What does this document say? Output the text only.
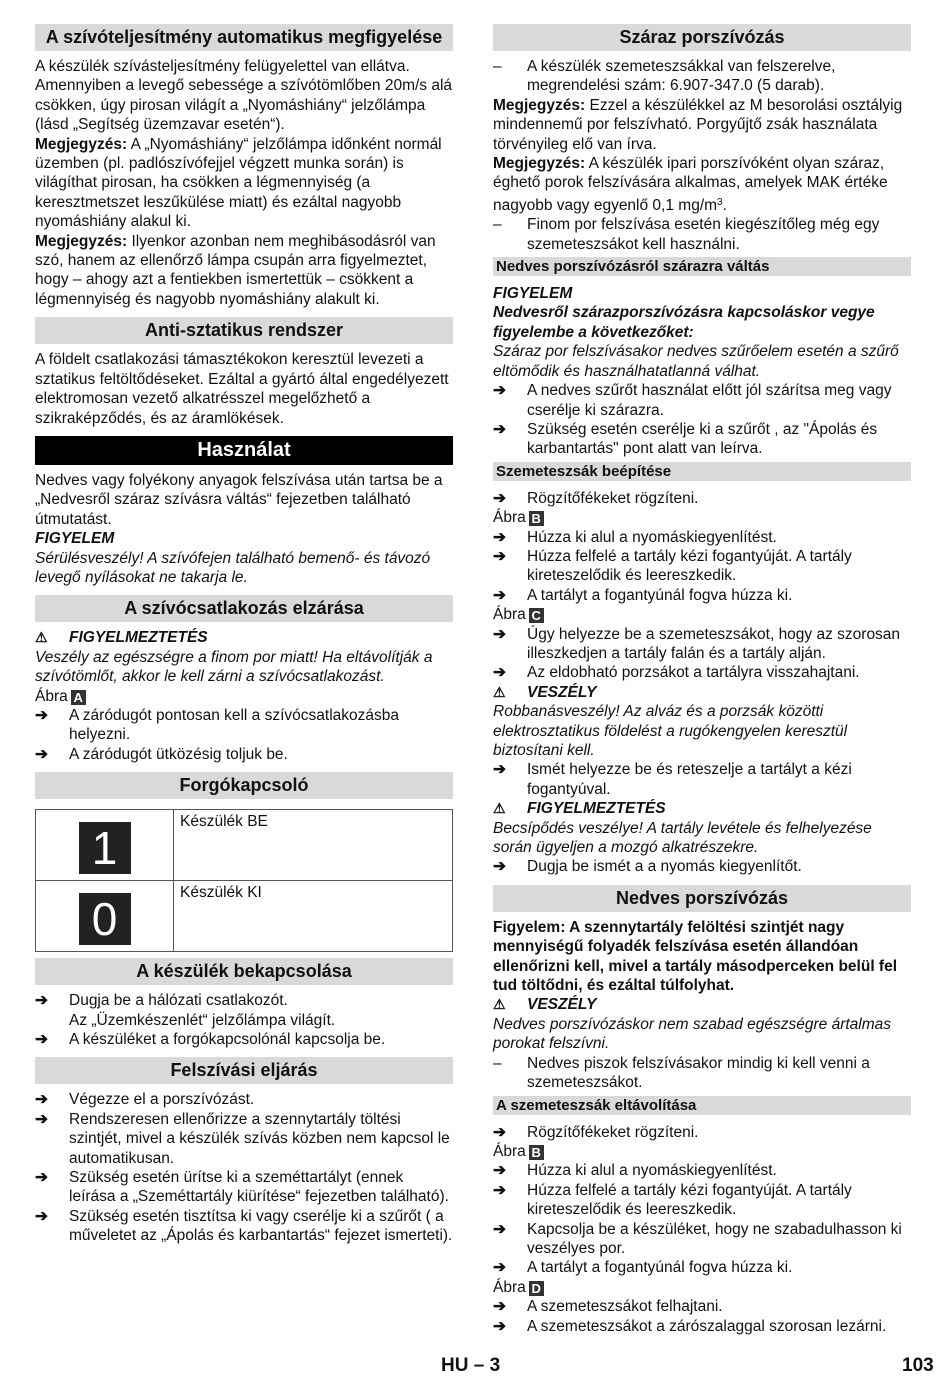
A szívóteljesítmény automatikus megfigyelése

A készülék szívásteljesítmény felügyelettel van ellátva. Amennyiben a levegő sebessége a szívótömlőben 20m/s alá csökken, úgy pirosan világít a „Nyomáshiány“ jelzőlámpa (lásd „Segítség üzemzavar esetén“).

Megjegyzés: A „Nyomáshiány“ jelzőlámpa időnként normál üzemben (pl. padlószívófejjel végzett munka során) is világíthat pirosan, ha csökken a légmennyiség (a keresztmetszet leszűkülése miatt) és ezáltal nagyobb nyomáshiány alakul ki.

Megjegyzés: Ilyenkor azonban nem meghibásodásról van szó, hanem az ellenőrző lámpa csupán arra figyelmeztet, hogy – ahogy azt a fentiekben ismertettük – csökkent a légmennyiség és nagyobb nyomáshiány alakult ki.

Anti-sztatikus rendszer

A földelt csatlakozási támasztékokon keresztül levezeti a sztatikus feltöltődéseket. Ezáltal a gyártó által engedélyezett elektromosan vezető alkatrésszel megelőzhető a szikraképződés, és az áramlökések.

Használat

Nedves vagy folyékony anyagok felszívása után tartsa be a „Nedvesről száraz szívásra váltás“ fejezetben található útmutatást.

FIGYELEM

Sérülésveszély! A szívófejen található bemenő- és távozó levegő nyílásokat ne takarja le.

A szívócsatlakozás elzárása

⚠ FIGYELMEZTETÉS

Veszély az egészségre a finom por miatt! Ha eltávolítják a szívótömlőt, akkor le kell zárni a szívócsatlakozást.

Ábra A

➔ A záródugót pontosan kell a szívócsatlakozásba helyezni.
➔ A záródugót ütközésig toljuk be.
Forgókapcsoló
1
Készülék BE
0
Készülék KI
A készülék bekapcsolása
➔ Dugja be a hálózati csatlakozót.

Az „Üzemkészenlét“ jelzőlámpa világít.

➔ A készüléket a forgókapcsolónál kapcsolja be.
Felszívási eljárás
➔ Végezze el a porszívózást.
➔ Rendszeresen ellenőrizze a szennytartály töltési szintjét, mivel a készülék szívás közben nem kapcsol le automatikusan.
➔ Szükség esetén ürítse ki a szeméttartályt (ennek leírása a „Szeméttartály kiürítése“ fejezetben található).
➔ Szükség esetén tisztítsa ki vagy cserélje ki a szűrőt ( a műveletet az „Ápolás és karbantartás“ fejezet ismerteti).
Száraz porszívózás
– A készülék szemeteszsákkal van felszerelve, megrendelési szám: 6.907-347.0 (5 darab).

Megjegyzés: Ezzel a készülékkel az M besorolási osztályig mindennemű por felszívható. Porgyűjtő zsák használata törvényileg elő van írva.

Megjegyzés: A készülék ipari porszívóként olyan száraz, éghető porok felszívására alkalmas, amelyek MAK értéke nagyobb vagy egyenlő 0,1 $mg/m^3$.

– Finom por felszívása esetén kiegészítőleg még egy szemeteszsákot kell használni.
Nedves porszívózásról szárazra váltás

FIGYELEM

Nedvesről szárazporszívózásra kapcsoláskor vegye figyelembe a következőket:

Száraz por felszívásakor nedves szűrőelem esetén a szűrő eltömődik és használhatatlanná válhat.

➔ A nedves szűrőt használat előtt jól szárítsa meg vagy cserélje ki szárazra.
➔ Szükség esetén cserélje ki a szűrőt , az "Ápolás és karbantartás" pont alatt van leírva.
Szemeteszsák beépítése
➔ Rögzítőfékeket rögzíteni.

Ábra B

➔ Húzza ki alul a nyomáskiegyenlítést.
➔ Húzza felfelé a tartály kézi fogantyúját. A tartály kireteszelődik és leereszkedik.
➔ A tartályt a fogantyúnál fogva húzza ki.

Ábra C

➔ Úgy helyezze be a szemeteszsákot, hogy az szorosan illeszkedjen a tartály falán és a tartály alján.
➔ Az eldobható porzsákot a tartályra visszahajtani.

⚠ VESZÉLY

Robbanásveszély! Az alváz és a porzsák közötti elektrosztatikus földelést a rugókengyelen keresztül biztosítani kell.

➔ Ismét helyezze be és reteszelje a tartályt a kézi fogantyúval.

⚠ FIGYELMEZTETÉS

Becsípődés veszélye! A tartály levétele és felhelyezése során ügyeljen a mozgó alkatrészekre.

➔ Dugja be ismét a a nyomás kiegyenlítőt.
Nedves porszívózás

Figyelem: A szennytartály felöltési szintjét nagy mennyiségű folyadék felszívása esetén állandóan ellenőrizni kell, mivel a tartály másodperceken belül fel tud töltődni, és ezáltal túlfolyhat.

⚠ VESZÉLY

Nedves porszívózáskor nem szabad egészségre ártalmas porokat felszívni.

– Nedves piszok felszívásakor mindig ki kell venni a szemeteszsákot.
A szemeteszsák eltávolítása
➔ Rögzítőfékeket rögzíteni.

Ábra B

➔ Húzza ki alul a nyomáskiegyenlítést.
➔ Húzza felfelé a tartály kézi fogantyúját. A tartály kireteszelődik és leereszkedik.
➔ Kapcsolja be a készüléket, hogy ne szabadulhasson ki veszélyes por.
➔ A tartályt a fogantyúnál fogva húzza ki.

Ábra D

➔ A szemeteszsákot felhajtani.
➔ A szemeteszsákot a zárószalaggal szorosan lezárni.
HU – 3	103
